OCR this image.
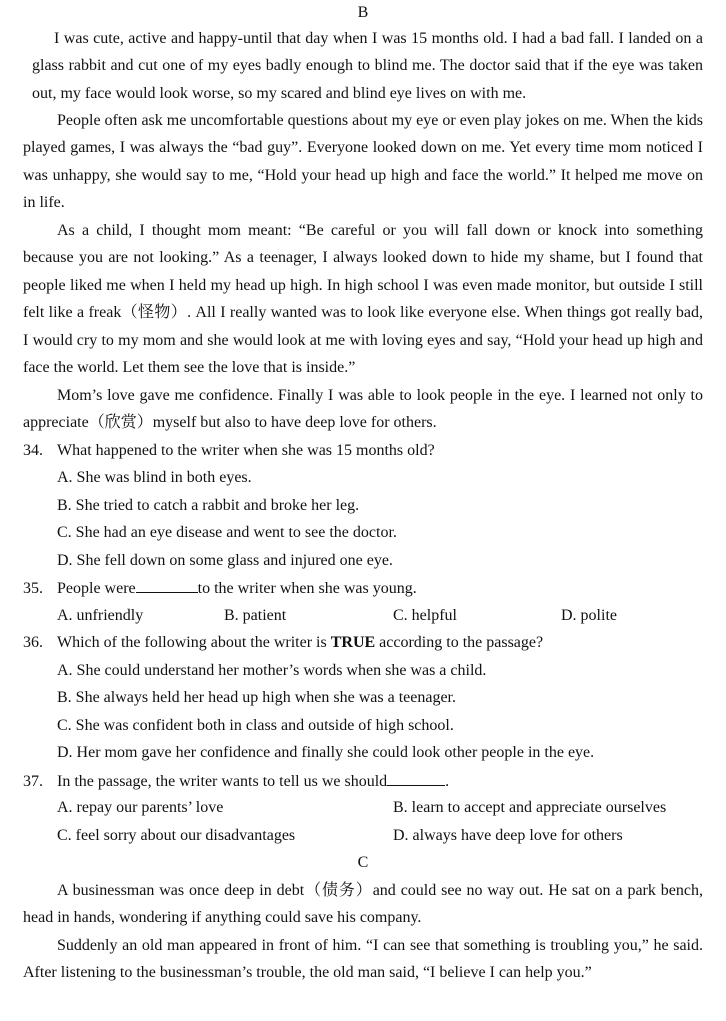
B

I was cute, active and happy-until that day when I was 15 months old. I had a bad fall. I landed on a glass rabbit and cut one of my eyes badly enough to blind me. The doctor said that if the eye was taken out, my face would look worse, so my scared and blind eye lives on with me.

People often ask me uncomfortable questions about my eye or even play jokes on me. When the kids played games, I was always the “bad guy”. Everyone looked down on me. Yet every time mom noticed I was unhappy, she would say to me, “Hold your head up high and face the world.” It helped me move on in life.

As a child, I thought mom meant: “Be careful or you will fall down or knock into something because you are not looking.” As a teenager, I always looked down to hide my shame, but I found that people liked me when I held my head up high. In high school I was even made monitor, but outside I still felt like a freak（怪物）. All I really wanted was to look like everyone else. When things got really bad, I would cry to my mom and she would look at me with loving eyes and say, “Hold your head up high and face the world. Let them see the love that is inside.”

Mom’s love gave me confidence. Finally I was able to look people in the eye. I learned not only to appreciate（欣赏）myself but also to have deep love for others.

34. What happened to the writer when she was 15 months old?
A. She was blind in both eyes.
B. She tried to catch a rabbit and broke her leg.
C. She had an eye disease and went to see the doctor.
D. She fell down on some glass and injured one eye.
35. People were	to the writer when she was young.
A. unfriendly	B. patient	C. helpful	D. polite
36. Which of the following about the writer is TRUE according to the passage?
A. She could understand her mother’s words when she was a child.
B. She always held her head up high when she was a teenager.
C. She was confident both in class and outside of high school.
D. Her mom gave her confidence and finally she could look other people in the eye.
37. In the passage, the writer wants to tell us we should	.
A. repay our parents’ love	B. learn to accept and appreciate ourselves
C. feel sorry about our disadvantages	D. always have deep love for others
C

A businessman was once deep in debt（债务）and could see no way out. He sat on a park bench, head in hands, wondering if anything could save his company.

Suddenly an old man appeared in front of him. “I can see that something is troubling you,” he said. After listening to the businessman’s trouble, the old man said, “I believe I can help you.”
